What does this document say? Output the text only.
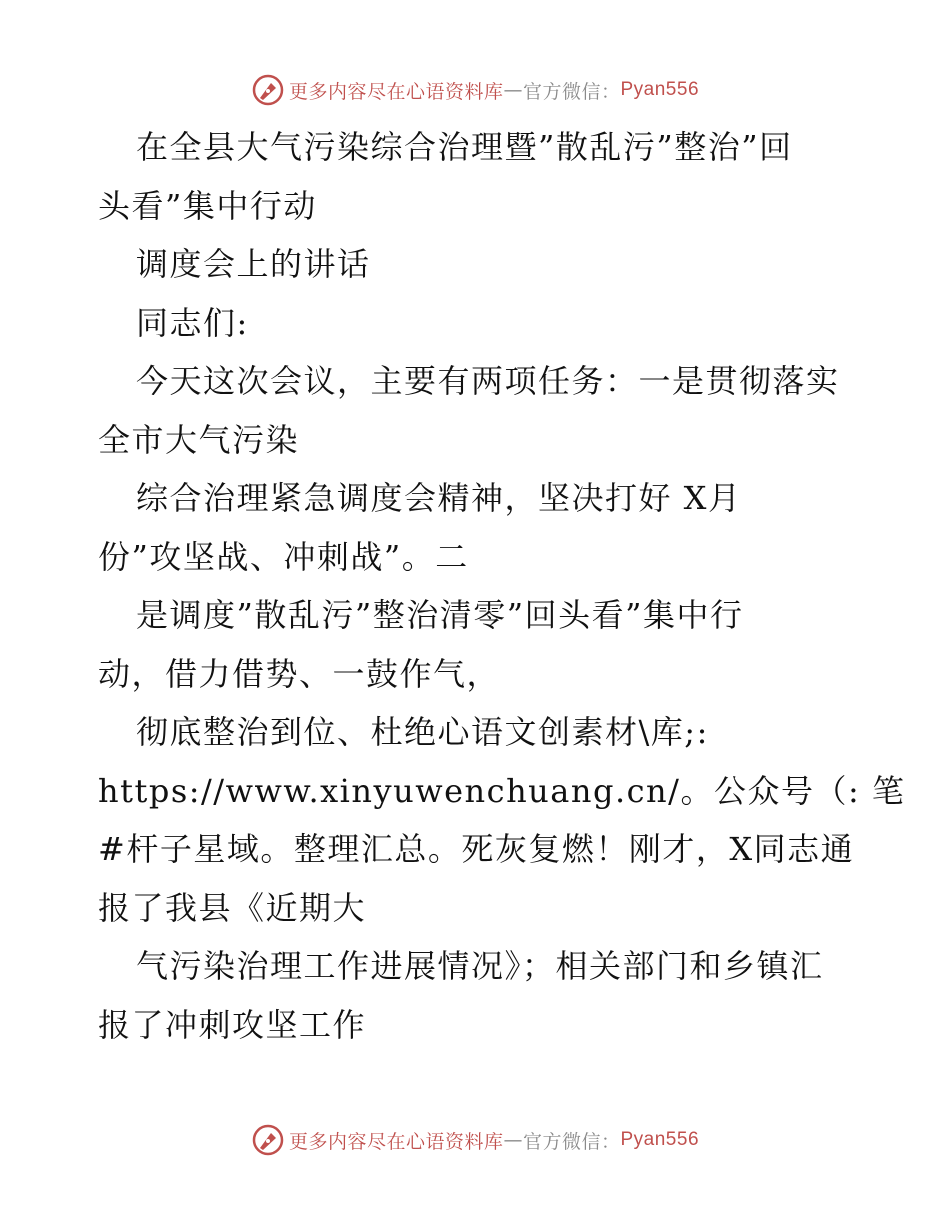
更多内容尽在心语资料库 — 官方微信： Pyan556
在全县大气污染综合治理暨”散乱污”整治”回
头看”集中行动
调度会上的讲话
同志们:
今天这次会议，主要有两项任务：一是贯彻落实
全市大气污染
综合治理紧急调度会精神，坚决打好 X月
份”攻坚战、冲刺战”。二
是调度”散乱污”整治清零”回头看”集中行
动，借力借势、一鼓作气，
彻底整治到位、杜绝心语文创素材\库;:
https://www.xinyuwenchuang.cn/。公众号（: 笔
#杆子星域。整理汇总。死灰复燃！刚才，X同志通
报了我县《近期大
气污染治理工作进展情况》；相关部门和乡镇汇
报了冲刺攻坚工作
更多内容尽在心语资料库 — 官方微信： Pyan556
